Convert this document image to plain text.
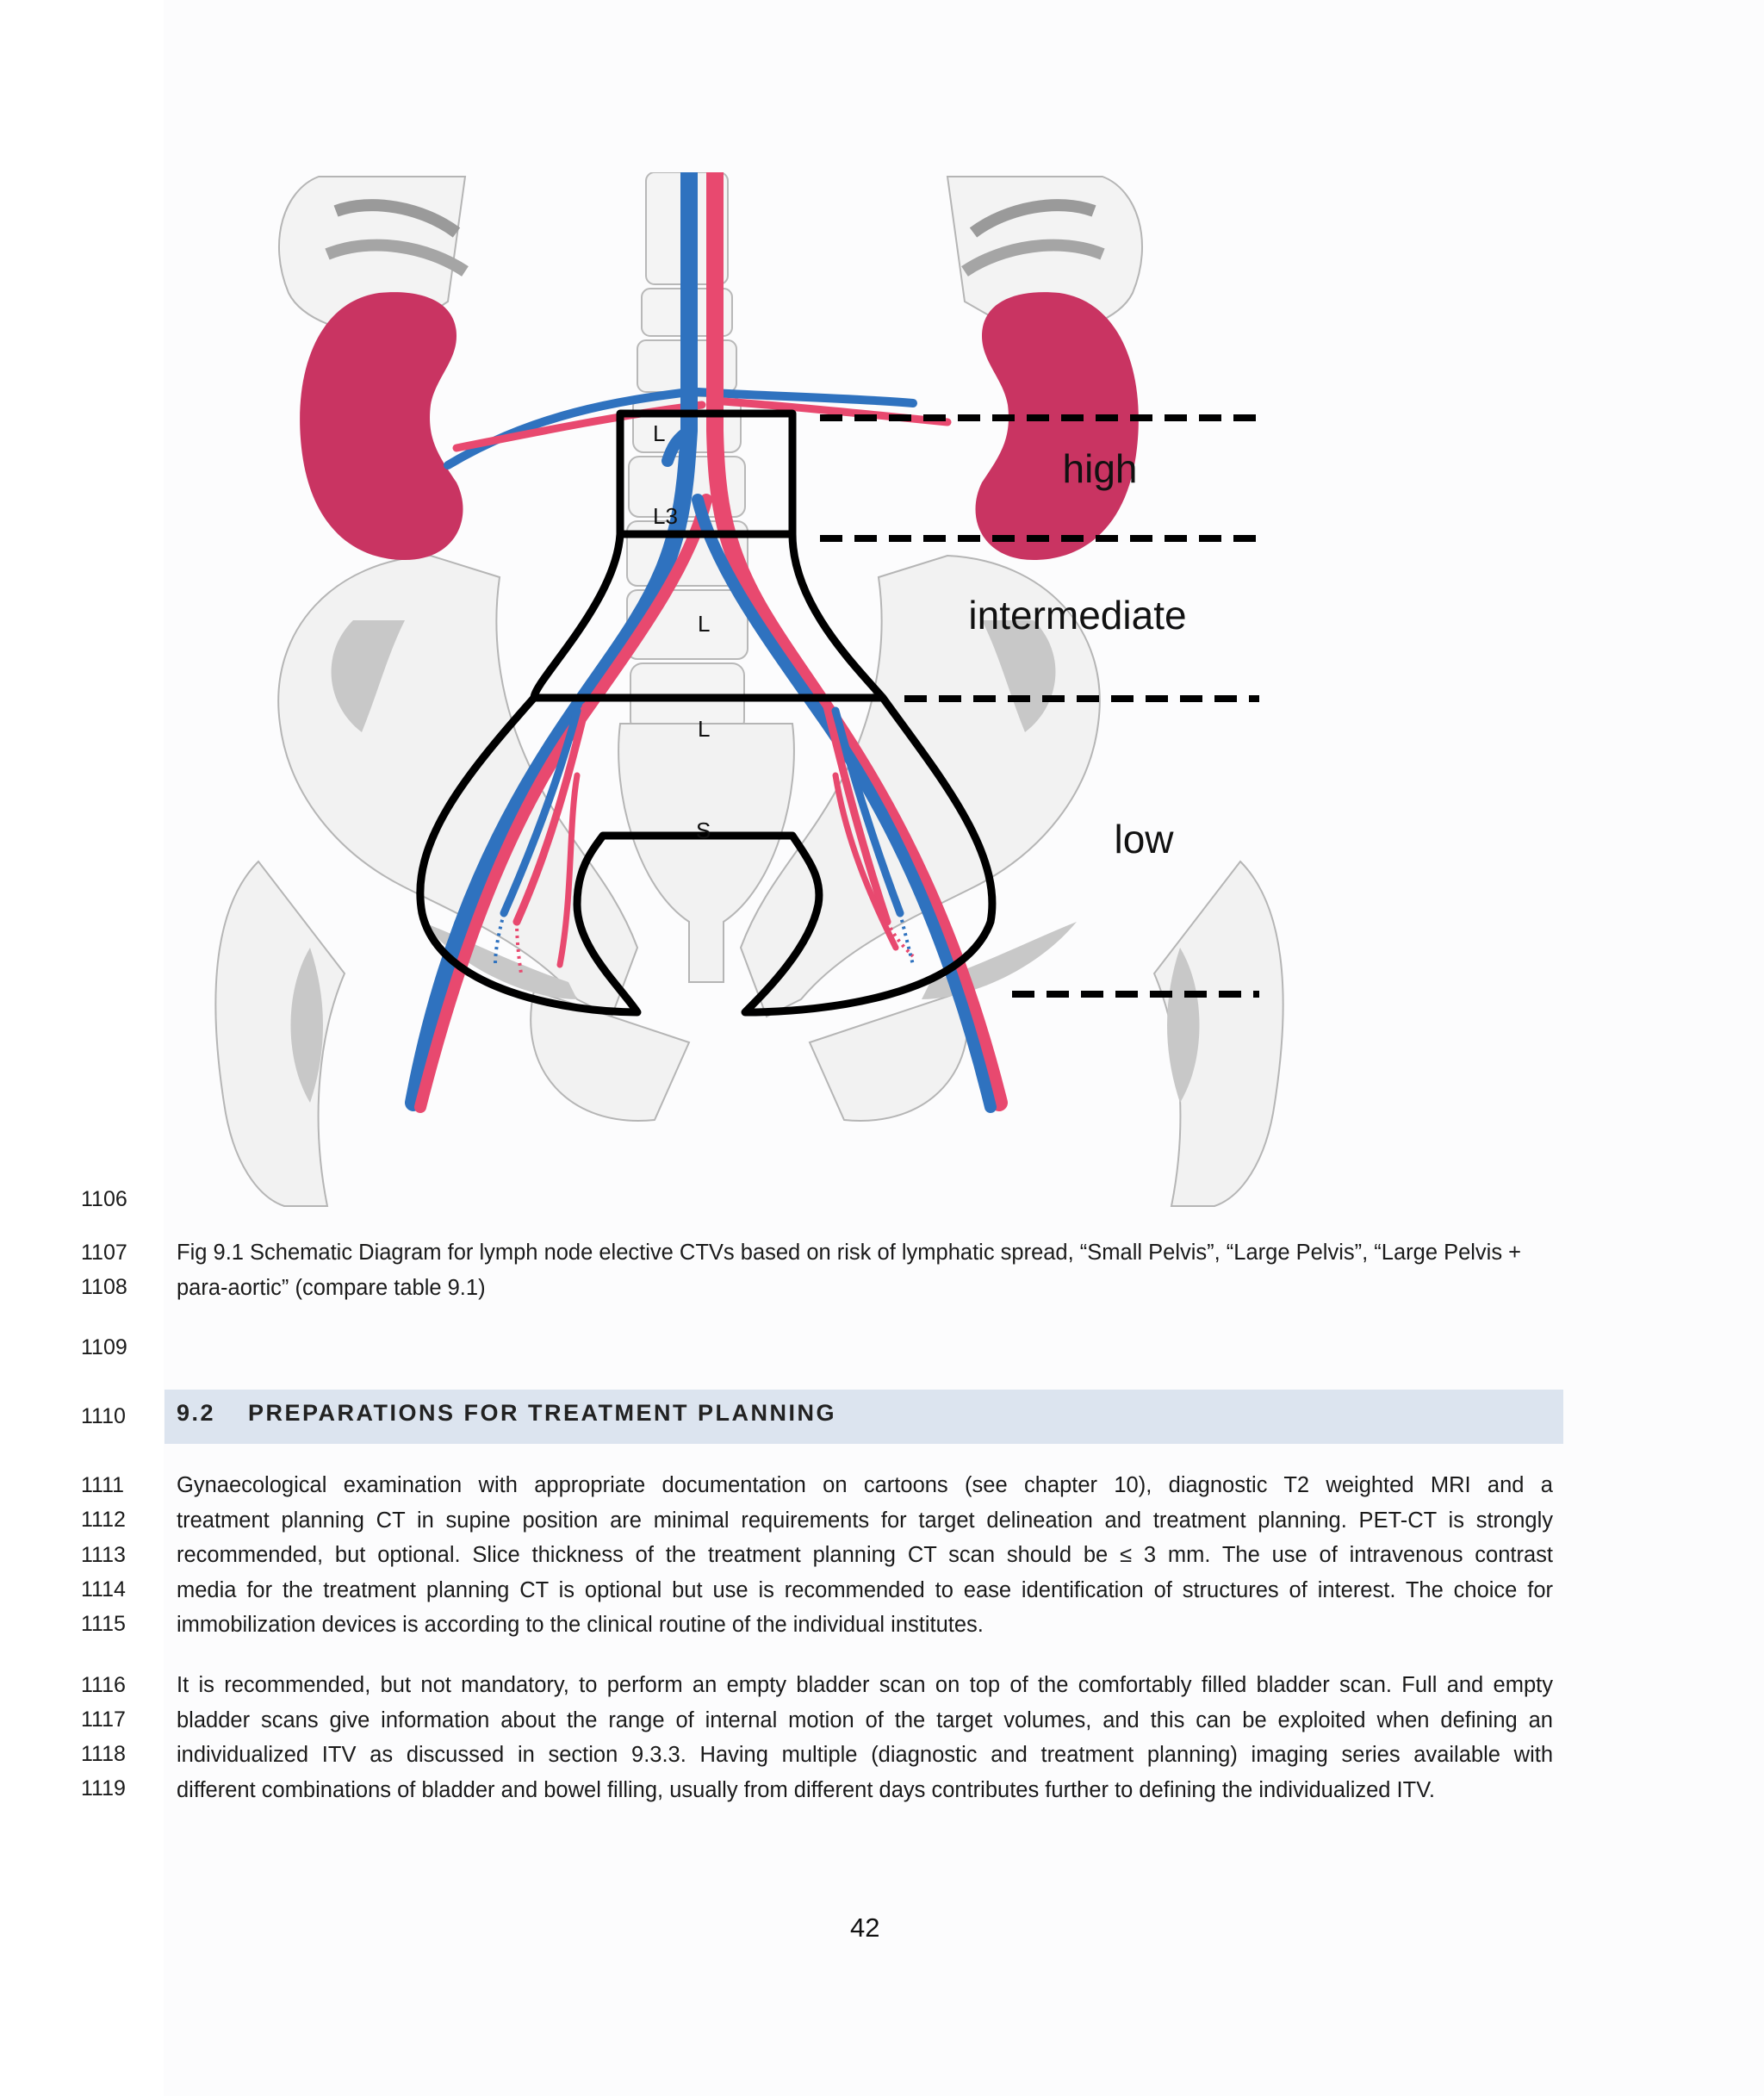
high
intermediate
low
L
L3
L
L
S
1106
1107
1108
1109
1110
1111
1112
1113
1114
1115
1116
1117
1118
1119
Fig 9.1 Schematic Diagram for lymph node elective CTVs based on risk of lymphatic spread, “Small Pelvis”, “Large Pelvis”, “Large Pelvis +
para-aortic” (compare table 9.1)
9.2 PREPARATIONS FOR TREATMENT PLANNING
Gynaecological examination with appropriate documentation on cartoons (see chapter 10), diagnostic T2 weighted MRI and a
treatment planning CT in supine position are minimal requirements for target delineation and treatment planning. PET-CT is strongly
recommended, but optional. Slice thickness of the treatment planning CT scan should be ≤ 3 mm. The use of intravenous contrast
media for the treatment planning CT is optional but use is recommended to ease identification of structures of interest. The choice for
immobilization devices is according to the clinical routine of the individual institutes.
It is recommended, but not mandatory, to perform an empty bladder scan on top of the comfortably filled bladder scan. Full and empty
bladder scans give information about the range of internal motion of the target volumes, and this can be exploited when defining an
individualized ITV as discussed in section 9.3.3. Having multiple (diagnostic and treatment planning) imaging series available with
different combinations of bladder and bowel filling, usually from different days contributes further to defining the individualized ITV.
42
